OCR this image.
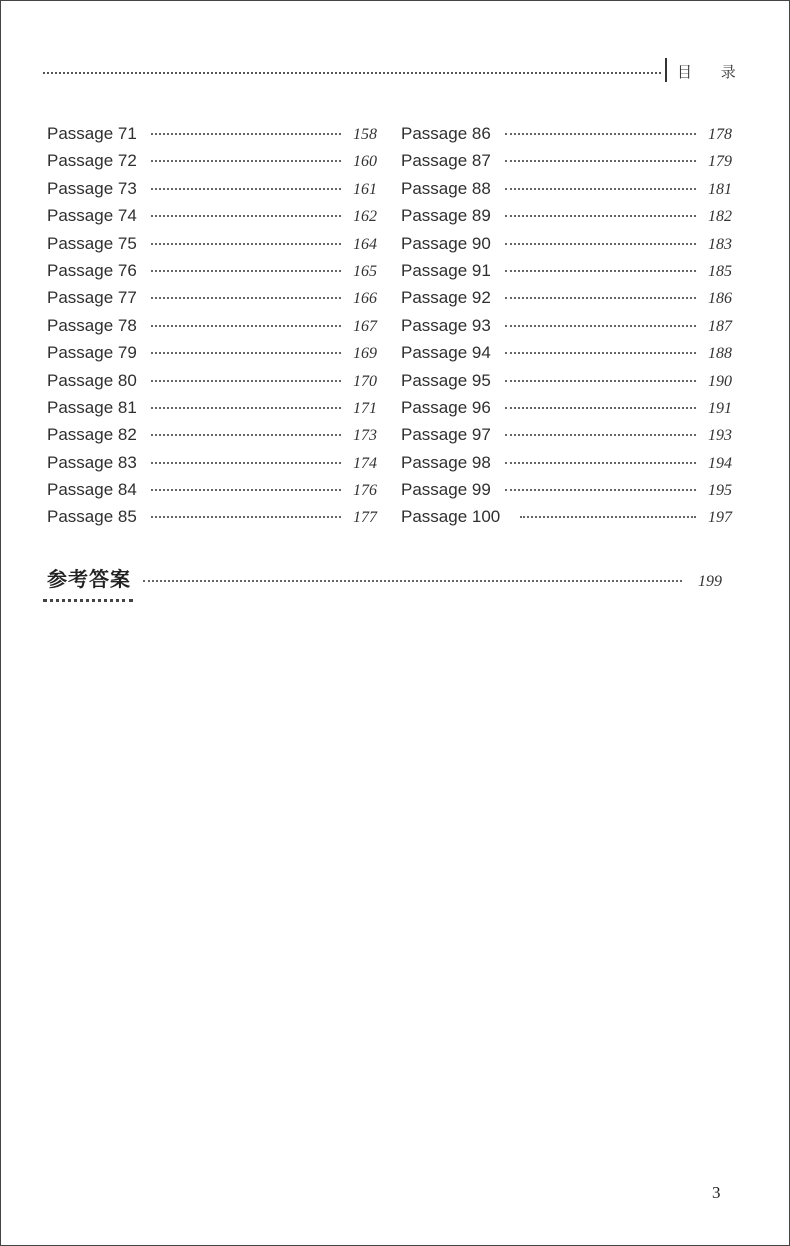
目 录
Passage 71	158
Passage 72	160
Passage 73	161
Passage 74	162
Passage 75	164
Passage 76	165
Passage 77	166
Passage 78	167
Passage 79	169
Passage 80	170
Passage 81	171
Passage 82	173
Passage 83	174
Passage 84	176
Passage 85	177
Passage 86	178
Passage 87	179
Passage 88	181
Passage 89	182
Passage 90	183
Passage 91	185
Passage 92	186
Passage 93	187
Passage 94	188
Passage 95	190
Passage 96	191
Passage 97	193
Passage 98	194
Passage 99	195
Passage 100	197
参考答案	199
3
